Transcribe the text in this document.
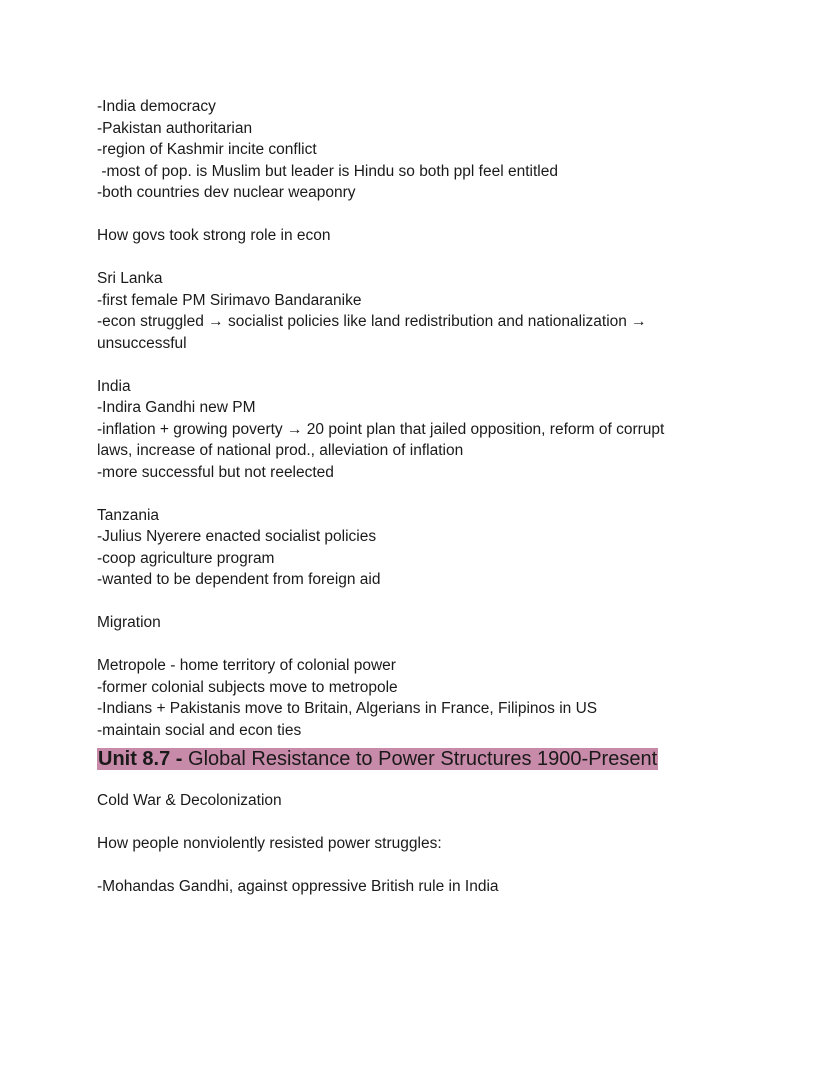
-India democracy

-Pakistan authoritarian

-region of Kashmir incite conflict

-most of pop. is Muslim but leader is Hindu so both ppl feel entitled

-both countries dev nuclear weaponry

How govs took strong role in econ

Sri Lanka

-first female PM Sirimavo Bandaranike

-econ struggled → socialist policies like land redistribution and nationalization →

unsuccessful

India

-Indira Gandhi new PM

-inflation + growing poverty → 20 point plan that jailed opposition, reform of corrupt

laws, increase of national prod., alleviation of inflation

-more successful but not reelected

Tanzania

-Julius Nyerere enacted socialist policies

-coop agriculture program

-wanted to be dependent from foreign aid

Migration

Metropole - home territory of colonial power

-former colonial subjects move to metropole

-Indians + Pakistanis move to Britain, Algerians in France, Filipinos in US

-maintain social and econ ties

Unit 8.7 - Global Resistance to Power Structures 1900-Present

Cold War & Decolonization

How people nonviolently resisted power struggles:

-Mohandas Gandhi, against oppressive British rule in India
